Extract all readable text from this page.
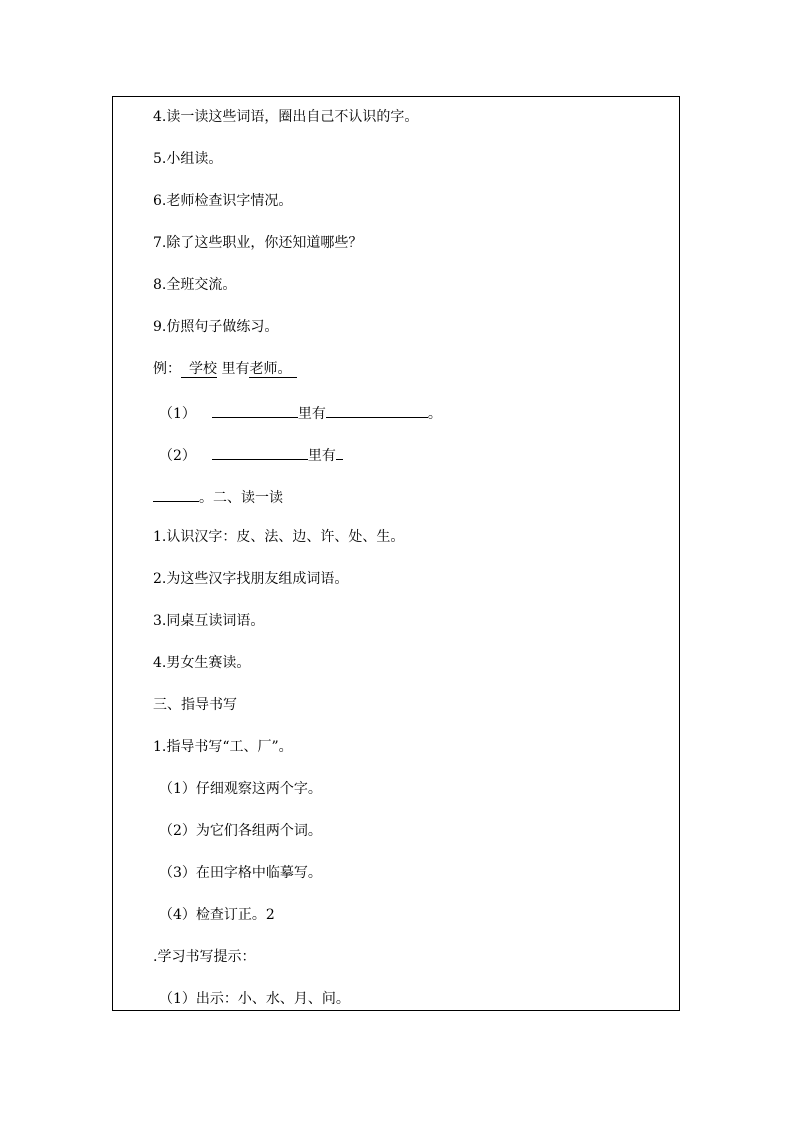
4.读一读这些词语，圈出自己不认识的字。
5.小组读。
6.老师检查识字情况。
7.除了这些职业，你还知道哪些？
8.全班交流。
9.仿照句子做练习。
例： 学校 里有老师。
（1）	里有	。
（2）	里有
。二、读一读
1.认识汉字：皮、法、边、许、处、生。
2.为这些汉字找朋友组成词语。
3.同桌互读词语。
4.男女生赛读。
三、指导书写
1.指导书写“工、厂”。
（1）仔细观察这两个字。
（2）为它们各组两个词。
（3）在田字格中临摹写。
（4）检查订正。2
.学习书写提示：
（1）出示：小、水、月、问。
